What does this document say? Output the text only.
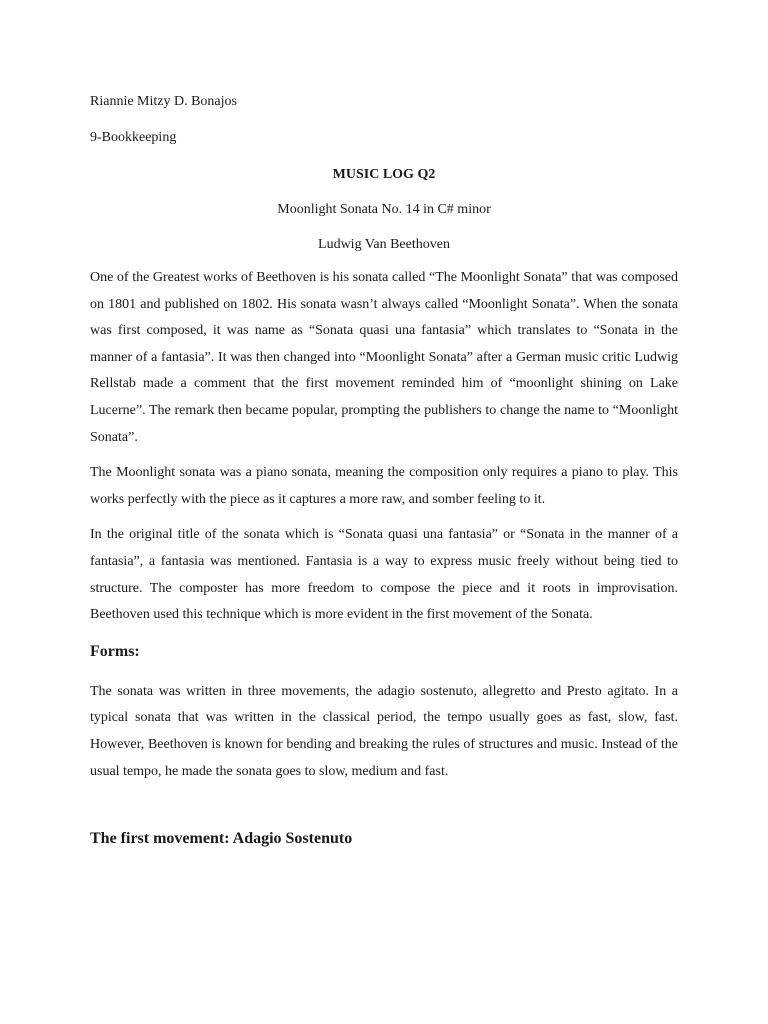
Riannie Mitzy D. Bonajos

9-Bookkeeping

MUSIC LOG Q2

Moonlight Sonata No. 14 in C# minor

Ludwig Van Beethoven

One of the Greatest works of Beethoven is his sonata called “The Moonlight Sonata” that was composed on 1801 and published on 1802. His sonata wasn’t always called “Moonlight Sonata”. When the sonata was first composed, it was name as “Sonata quasi una fantasia” which translates to “Sonata in the manner of a fantasia”. It was then changed into “Moonlight Sonata” after a German music critic Ludwig Rellstab made a comment that the first movement reminded him of “moonlight shining on Lake Lucerne”. The remark then became popular, prompting the publishers to change the name to “Moonlight Sonata”.

The Moonlight sonata was a piano sonata, meaning the composition only requires a piano to play. This works perfectly with the piece as it captures a more raw, and somber feeling to it.

In the original title of the sonata which is “Sonata quasi una fantasia” or “Sonata in the manner of a fantasia”, a fantasia was mentioned. Fantasia is a way to express music freely without being tied to structure. The composter has more freedom to compose the piece and it roots in improvisation. Beethoven used this technique which is more evident in the first movement of the Sonata.

Forms:

The sonata was written in three movements, the adagio sostenuto, allegretto and Presto agitato. In a typical sonata that was written in the classical period, the tempo usually goes as fast, slow, fast. However, Beethoven is known for bending and breaking the rules of structures and music. Instead of the usual tempo, he made the sonata goes to slow, medium and fast.

The first movement: Adagio Sostenuto
